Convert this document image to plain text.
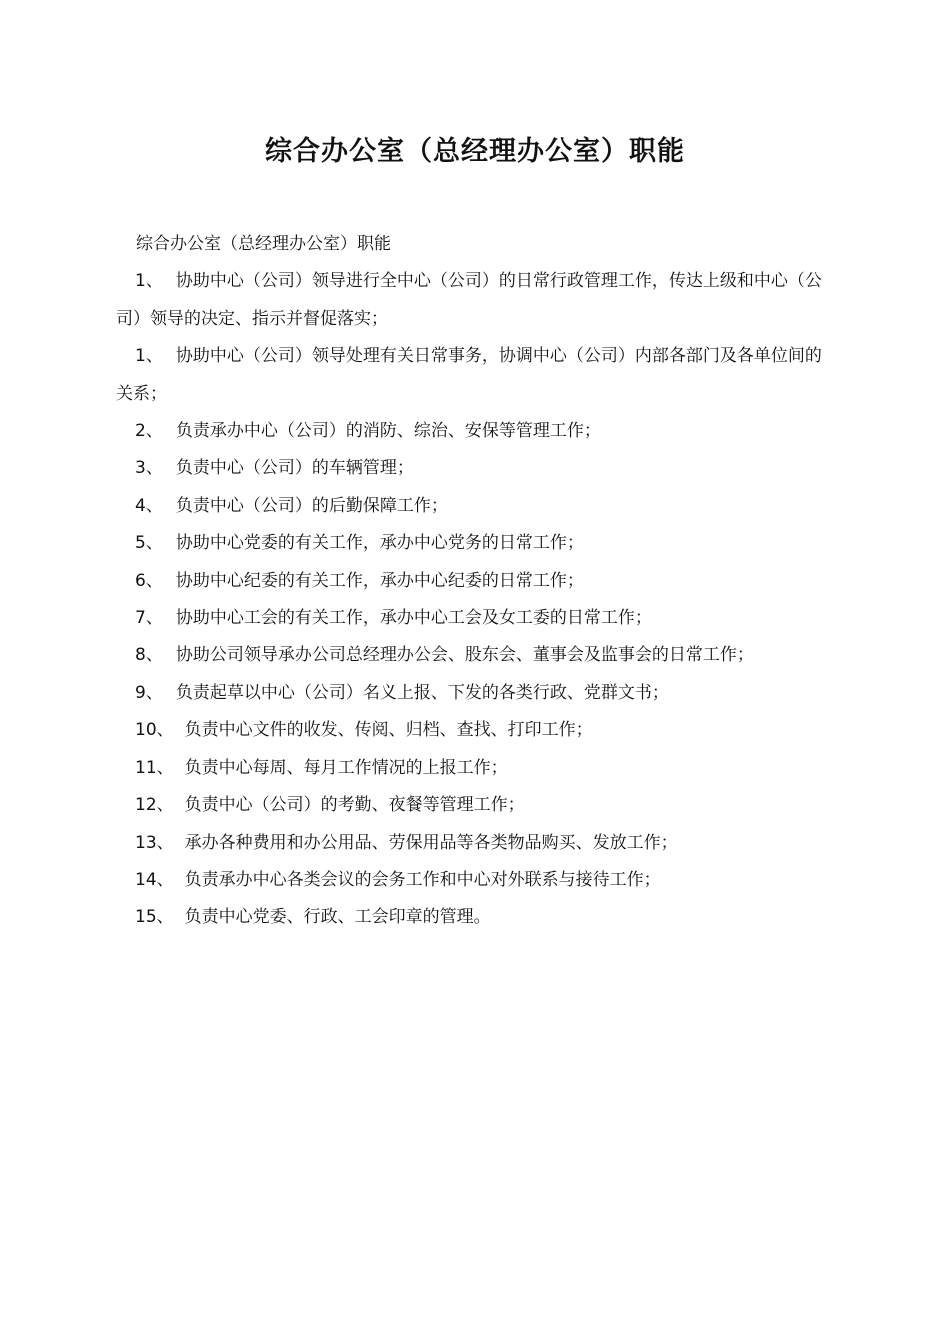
综合办公室（总经理办公室）职能

综合办公室（总经理办公室）职能

1、 协助中心（公司）领导进行全中心（公司）的日常行政管理工作，传达上级和中心（公司）领导的决定、指示并督促落实；

1、 协助中心（公司）领导处理有关日常事务，协调中心（公司）内部各部门及各单位间的关系；

2、 负责承办中心（公司）的消防、综治、安保等管理工作；

3、 负责中心（公司）的车辆管理；

4、 负责中心（公司）的后勤保障工作；

5、 协助中心党委的有关工作，承办中心党务的日常工作；

6、 协助中心纪委的有关工作，承办中心纪委的日常工作；

7、 协助中心工会的有关工作，承办中心工会及女工委的日常工作；

8、 协助公司领导承办公司总经理办公会、股东会、董事会及监事会的日常工作；

9、 负责起草以中心（公司）名义上报、下发的各类行政、党群文书；

10、 负责中心文件的收发、传阅、归档、查找、打印工作；

11、 负责中心每周、每月工作情况的上报工作；

12、 负责中心（公司）的考勤、夜餐等管理工作；

13、 承办各种费用和办公用品、劳保用品等各类物品购买、发放工作；

14、 负责承办中心各类会议的会务工作和中心对外联系与接待工作；

15、 负责中心党委、行政、工会印章的管理。
